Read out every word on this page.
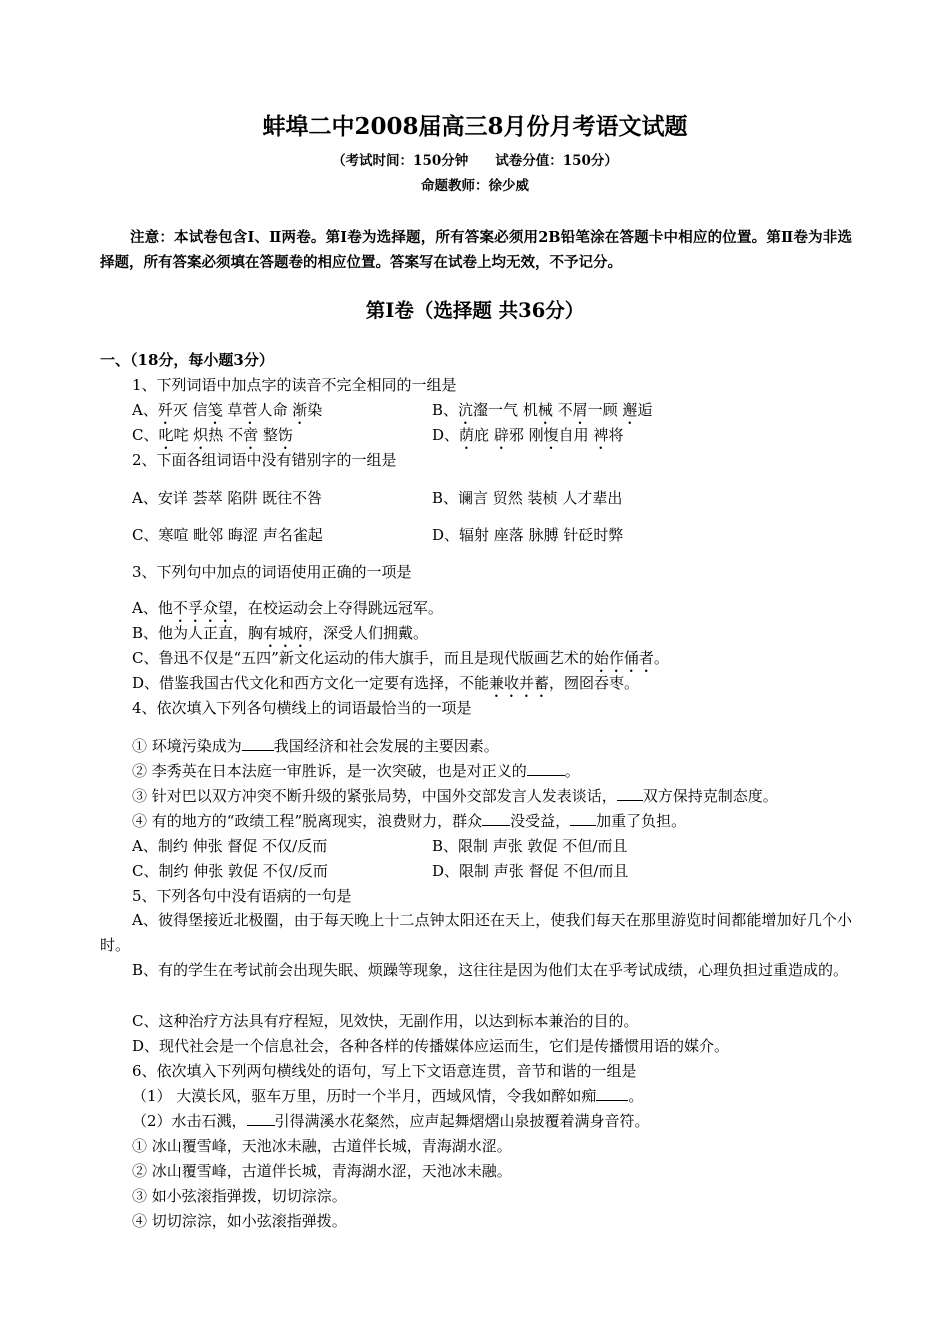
蚌埠二中2008届高三8月份月考语文试题
（考试时间：150分钟　　试卷分值：150分）
命题教师：徐少威
注意：本试卷包含Ⅰ、Ⅱ两卷。第Ⅰ卷为选择题，所有答案必须用2B铅笔涂在答题卡中相应的位置。第Ⅱ卷为非选择题，所有答案必须填在答题卷的相应位置。答案写在试卷上均无效，不予记分。
第Ⅰ卷（选择题 共36分）
一、（18分，每小题3分）
1、下列词语中加点字的读音不完全相同的一组是
A、歼灭 信笺 草菅人命 渐染	B、沆瀣一气 机械 不屑一顾 邂逅
C、叱咤 炽热 不啻 整饬	D、荫庇 辟邪 刚愎自用 裨将
2、下面各组词语中没有错别字的一组是
A、安详 荟萃 陷阱 既往不咎	B、谰言 贸然 装桢 人才辈出
C、寒喧 毗邻 晦涩 声名雀起	D、辐射 座落 脉膊 针砭时弊
3、下列句中加点的词语使用正确的一项是
A、他不孚众望，在校运动会上夺得跳远冠军。
B、他为人正直，胸有城府，深受人们拥戴。
C、鲁迅不仅是“五四”新文化运动的伟大旗手，而且是现代版画艺术的始作俑者。
D、借鉴我国古代文化和西方文化一定要有选择，不能兼收并蓄，囫囵吞枣。
4、依次填入下列各句横线上的词语最恰当的一项是
① 环境污染成为 我国经济和社会发展的主要因素。
② 李秀英在日本法庭一审胜诉，是一次突破，也是对正义的	。
③ 针对巴以双方冲突不断升级的紧张局势，中国外交部发言人发表谈话， 双方保持克制态度。
④ 有的地方的“政绩工程”脱离现实，浪费财力，群众 没受益， 加重了负担。
A、制约 伸张 督促 不仅/反而	B、限制 声张 敦促 不但/而且
C、制约 伸张 敦促 不仅/反而	D、限制 声张 督促 不但/而且
5、下列各句中没有语病的一句是
A、彼得堡接近北极圈，由于每天晚上十二点钟太阳还在天上，使我们每天在那里游览时间都能增加好几个小时。
B、有的学生在考试前会出现失眠、烦躁等现象，这往往是因为他们太在乎考试成绩，心理负担过重造成的。
C、这种治疗方法具有疗程短，见效快，无副作用，以达到标本兼治的目的。
D、现代社会是一个信息社会，各种各样的传播媒体应运而生，它们是传播惯用语的媒介。
6、依次填入下列两句横线处的语句，写上下文语意连贯，音节和谐的一组是
（1） 大漠长风，驱车万里，历时一个半月，西域风情，令我如醉如痴 。
（2）水击石溅， 引得满溪水花粲然，应声起舞熠熠山泉披覆着满身音符。
① 冰山覆雪峰，天池冰未融，古道伴长城，青海湖水涩。
② 冰山覆雪峰，古道伴长城，青海湖水涩，天池冰未融。
③ 如小弦滚指弹拨，切切淙淙。
④ 切切淙淙，如小弦滚指弹拨。
